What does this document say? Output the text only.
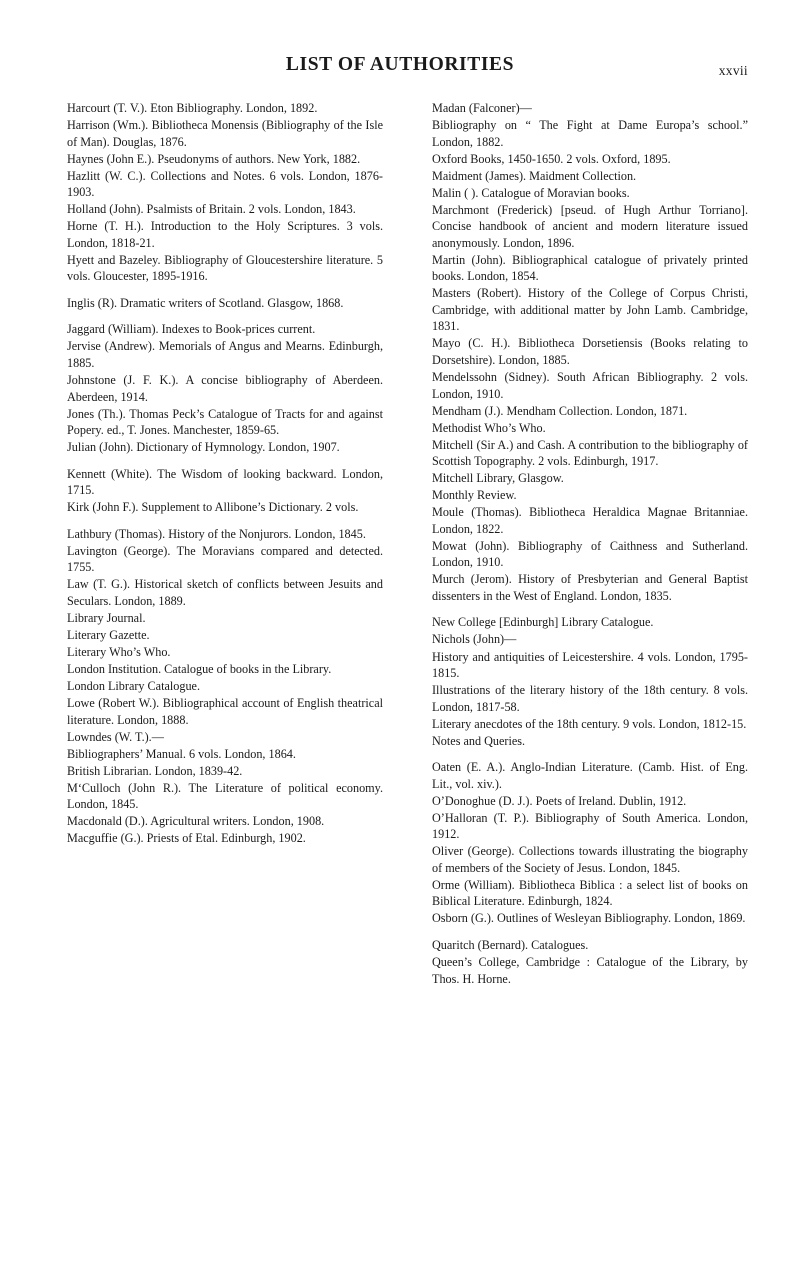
LIST OF AUTHORITIES	xxvii

Harcourt (T. V.). Eton Bibliography. London, 1892.

Harrison (Wm.). Bibliotheca Monensis (Bibliography of the Isle of Man). Douglas, 1876.

Haynes (John E.). Pseudonyms of authors. New York, 1882.

Hazlitt (W. C.). Collections and Notes. 6 vols. London, 1876-1903.

Holland (John). Psalmists of Britain. 2 vols. London, 1843.

Horne (T. H.). Introduction to the Holy Scriptures. 3 vols. London, 1818-21.

Hyett and Bazeley. Bibliography of Gloucestershire literature. 5 vols. Gloucester, 1895-1916.

Inglis (R). Dramatic writers of Scotland. Glasgow, 1868.

Jaggard (William). Indexes to Book-prices current.

Jervise (Andrew). Memorials of Angus and Mearns. Edinburgh, 1885.

Johnstone (J. F. K.). A concise bibliography of Aberdeen. Aberdeen, 1914.

Jones (Th.). Thomas Peck’s Catalogue of Tracts for and against Popery. ed., T. Jones. Manchester, 1859-65.

Julian (John). Dictionary of Hymnology. London, 1907.

Kennett (White). The Wisdom of looking backward. London, 1715.

Kirk (John F.). Supplement to Allibone’s Dictionary. 2 vols.

Lathbury (Thomas). History of the Nonjurors. London, 1845.

Lavington (George). The Moravians compared and detected. 1755.

Law (T. G.). Historical sketch of conflicts between Jesuits and Seculars. London, 1889.

Library Journal.

Literary Gazette.

Literary Who’s Who.

London Institution. Catalogue of books in the Library.

London Library Catalogue.

Lowe (Robert W.). Bibliographical account of English theatrical literature. London, 1888.

Lowndes (W. T.).—

Bibliographers’ Manual. 6 vols. London, 1864.

British Librarian. London, 1839-42.

M‘Culloch (John R.). The Literature of political economy. London, 1845.

Macdonald (D.). Agricultural writers. London, 1908.

Macguffie (G.). Priests of Etal. Edinburgh, 1902.

Madan (Falconer)—

Bibliography on “ The Fight at Dame Europa’s school.” London, 1882.

Oxford Books, 1450-1650. 2 vols. Oxford, 1895.

Maidment (James). Maidment Collection.

Malin ( ). Catalogue of Moravian books.

Marchmont (Frederick) [pseud. of Hugh Arthur Torriano]. Concise handbook of ancient and modern literature issued anonymously. London, 1896.

Martin (John). Bibliographical catalogue of privately printed books. London, 1854.

Masters (Robert). History of the College of Corpus Christi, Cambridge, with additional matter by John Lamb. Cambridge, 1831.

Mayo (C. H.). Bibliotheca Dorsetiensis (Books relating to Dorsetshire). London, 1885.

Mendelssohn (Sidney). South African Bibliography. 2 vols. London, 1910.

Mendham (J.). Mendham Collection. London, 1871.

Methodist Who’s Who.

Mitchell (Sir A.) and Cash. A contribution to the bibliography of Scottish Topography. 2 vols. Edinburgh, 1917.

Mitchell Library, Glasgow.

Monthly Review.

Moule (Thomas). Bibliotheca Heraldica Magnae Britanniae. London, 1822.

Mowat (John). Bibliography of Caithness and Sutherland. London, 1910.

Murch (Jerom). History of Presbyterian and General Baptist dissenters in the West of England. London, 1835.

New College [Edinburgh] Library Catalogue.

Nichols (John)—

History and antiquities of Leicestershire. 4 vols. London, 1795-1815.

Illustrations of the literary history of the 18th century. 8 vols. London, 1817-58.

Literary anecdotes of the 18th century. 9 vols. London, 1812-15.

Notes and Queries.

Oaten (E. A.). Anglo-Indian Literature. (Camb. Hist. of Eng. Lit., vol. xiv.).

O’Donoghue (D. J.). Poets of Ireland. Dublin, 1912.

O’Halloran (T. P.). Bibliography of South America. London, 1912.

Oliver (George). Collections towards illustrating the biography of members of the Society of Jesus. London, 1845.

Orme (William). Bibliotheca Biblica : a select list of books on Biblical Literature. Edinburgh, 1824.

Osborn (G.). Outlines of Wesleyan Bibliography. London, 1869.

Quaritch (Bernard). Catalogues.

Queen’s College, Cambridge : Catalogue of the Library, by Thos. H. Horne.
